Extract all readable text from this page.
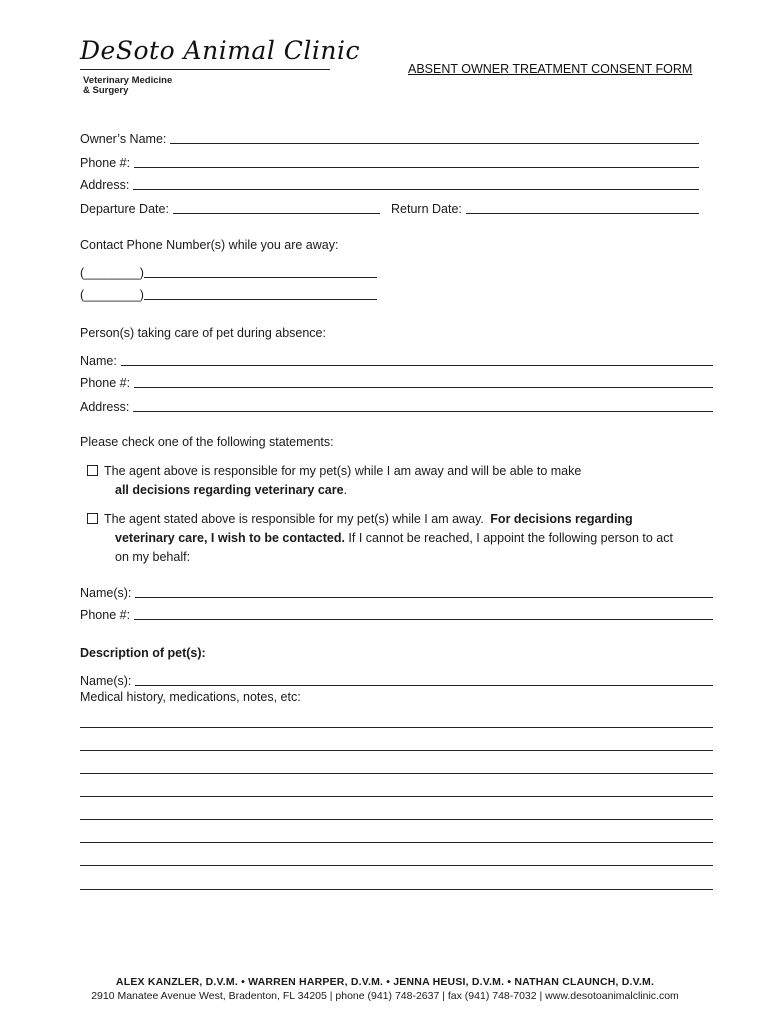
DeSoto Animal Clinic
Veterinary Medicine
& Surgery
ABSENT OWNER TREATMENT CONSENT FORM
Owner’s Name:
Phone #:
Address:
Departure Date:	Return Date:
Contact Phone Number(s) while you are away:
(________)
(________)
Person(s) taking care of pet during absence:
Name:
Phone #:
Address:
Please check one of the following statements:
The agent above is responsible for my pet(s) while I am away and will be able to make
all decisions regarding veterinary care.
The agent stated above is responsible for my pet(s) while I am away. For decisions regarding
veterinary care, I wish to be contacted. If I cannot be reached, I appoint the following person to act
on my behalf:
Name(s):
Phone #:
Description of pet(s):
Name(s):
Medical history, medications, notes, etc:
ALEX KANZLER, D.V.M. • WARREN HARPER, D.V.M. • JENNA HEUSI, D.V.M. • NATHAN CLAUNCH, D.V.M.
2910 Manatee Avenue West, Bradenton, FL 34205 | phone (941) 748-2637 | fax (941) 748-7032 | www.desotoanimalclinic.com
